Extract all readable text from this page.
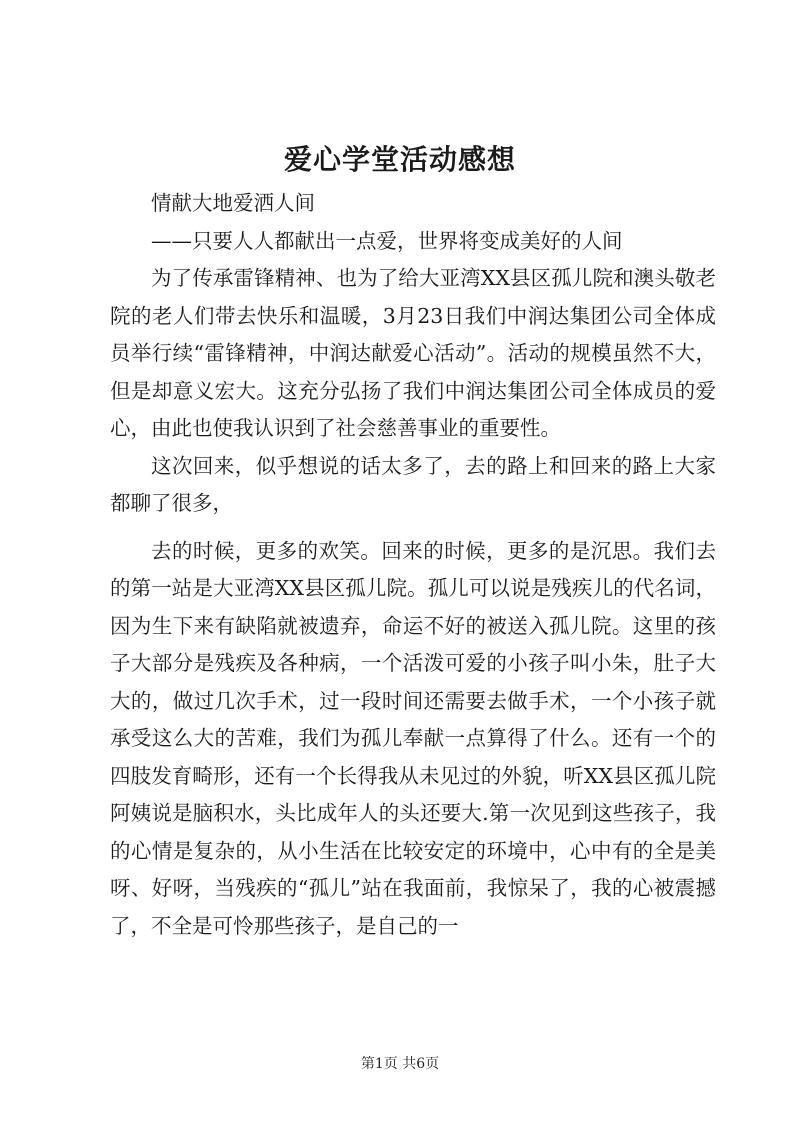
爱心学堂活动感想

情献大地爱洒人间

——只要人人都献出一点爱，世界将变成美好的人间

为了传承雷锋精神、也为了给大亚湾XX县区孤儿院和澳头敬老院的老人们带去快乐和温暖，3月23日我们中润达集团公司全体成员举行续“雷锋精神，中润达献爱心活动”。活动的规模虽然不大，但是却意义宏大。这充分弘扬了我们中润达集团公司全体成员的爱心，由此也使我认识到了社会慈善事业的重要性。

这次回来，似乎想说的话太多了，去的路上和回来的路上大家都聊了很多，

去的时候，更多的欢笑。回来的时候，更多的是沉思。我们去的第一站是大亚湾XX县区孤儿院。孤儿可以说是残疾儿的代名词，因为生下来有缺陷就被遗弃，命运不好的被送入孤儿院。这里的孩子大部分是残疾及各种病，一个活泼可爱的小孩子叫小朱，肚子大大的，做过几次手术，过一段时间还需要去做手术，一个小孩子就承受这么大的苦难，我们为孤儿奉献一点算得了什么。还有一个的四肢发育畸形，还有一个长得我从未见过的外貌，听XX县区孤儿院阿姨说是脑积水，头比成年人的头还要大.第一次见到这些孩子，我的心情是复杂的，从小生活在比较安定的环境中，心中有的全是美呀、好呀，当残疾的“孤儿”站在我面前，我惊呆了，我的心被震撼了，不全是可怜那些孩子，是自己的一

第1页 共6页
